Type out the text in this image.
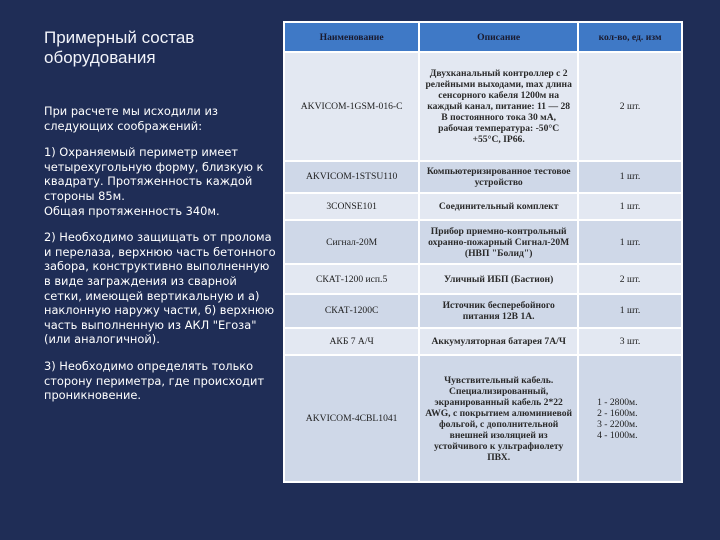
Примерный состав оборудования

При расчете мы исходили из следующих соображений:

1) Охраняемый периметр имеет четырехугольную форму, близкую к квадрату. Протяженность каждой стороны 85м.

Общая протяженность 340м.

2) Необходимо защищать от пролома и перелаза, верхнюю часть бетонного забора, конструктивно выполненную в виде заграждения из сварной сетки, имеющей вертикальную и а) наклонную наружу части, б) верхнюю часть выполненную из АКЛ "Егоза" (или аналогичной).

3) Необходимо определять только сторону периметра, где происходит проникновение.

Наименование	Описание	кол-во, ед. изм
AKVICOM-1GSM-016-C	Двухканальный контроллер с 2 релейными выходами, max длина сенсорного кабеля 1200м на каждый канал, питание: 11 — 28 В постоянного тока 30 мА, рабочая температура: -50°С +55°С, IP66.	2 шт.
AKVICOM-1STSU110	Компьютеризированное тестовое устройство	1 шт.
3CONSE101	Соединительный комплект	1 шт.
Сигнал-20М	Прибор приемно-контрольный охранно-пожарный Сигнал-20М (НВП "Болид")	1 шт.
СКАТ-1200 исп.5	Уличный ИБП (Бастион)	2 шт.
СКАТ-1200С	Источник бесперебойного питания 12В 1А.	1 шт.
АКБ 7 А/Ч	Аккумуляторная батарея 7А/Ч	3 шт.
AKVICOM-4CBL1041	Чувствительный кабель. Специализированный, экранированный кабель 2*22 AWG, с покрытием алюминиевой фольгой, с дополнительной внешней изоляцией из устойчивого к ультрафиолету ПВХ.	1 - 2800м.
2 - 1600м.
3 - 2200м.
4 - 1000м.
